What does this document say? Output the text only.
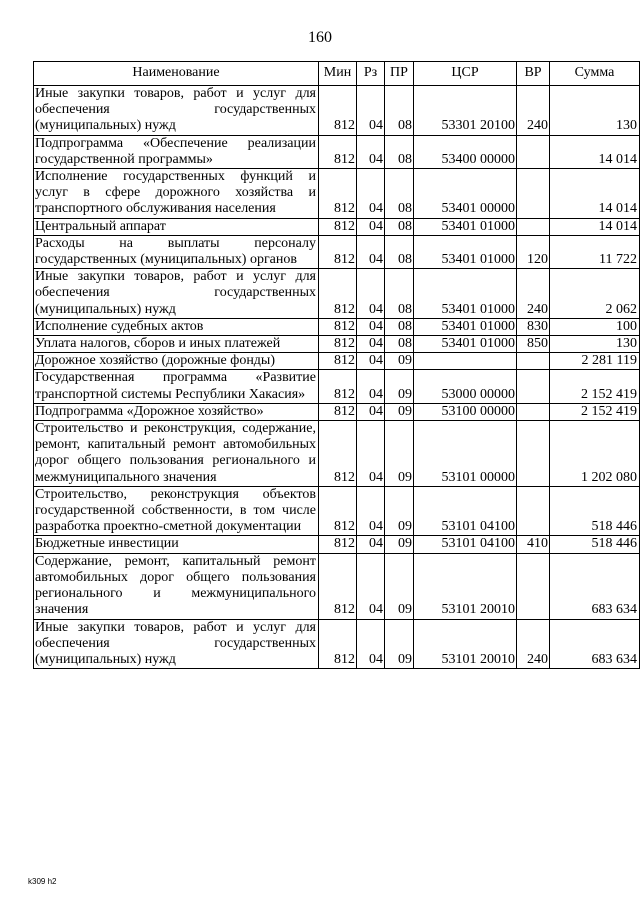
160
Наименование	Мин	Рз	ПР	ЦСР	ВР	Сумма
Иные закупки товаров, работ и услуг для обеспечения государственных (муниципальных) нужд	812	04	08	53301 20100	240	130
Подпрограмма «Обеспечение реализации государственной программы»	812	04	08	53400 00000		14 014
Исполнение государственных функций и услуг в сфере дорожного хозяйства и транспортного обслуживания населения	812	04	08	53401 00000		14 014
Центральный аппарат	812	04	08	53401 01000		14 014
Расходы на выплаты персоналу государственных (муниципальных) органов	812	04	08	53401 01000	120	11 722
Иные закупки товаров, работ и услуг для обеспечения государственных (муниципальных) нужд	812	04	08	53401 01000	240	2 062
Исполнение судебных актов	812	04	08	53401 01000	830	100
Уплата налогов, сборов и иных платежей	812	04	08	53401 01000	850	130
Дорожное хозяйство (дорожные фонды)	812	04	09			2 281 119
Государственная программа «Развитие транспортной системы Республики Хакасия»	812	04	09	53000 00000		2 152 419
Подпрограмма «Дорожное хозяйство»	812	04	09	53100 00000		2 152 419
Строительство и реконструкция, содержание, ремонт, капитальный ремонт автомобильных дорог общего пользования регионального и межмуниципального значения	812	04	09	53101 00000		1 202 080
Строительство, реконструкция объектов государственной собственности, в том числе разработка проектно-сметной документации	812	04	09	53101 04100		518 446
Бюджетные инвестиции	812	04	09	53101 04100	410	518 446
Содержание, ремонт, капитальный ремонт автомобильных дорог общего пользования регионального и межмуниципального значения	812	04	09	53101 20010		683 634
Иные закупки товаров, работ и услуг для обеспечения государственных (муниципальных) нужд	812	04	09	53101 20010	240	683 634
k309 h2
